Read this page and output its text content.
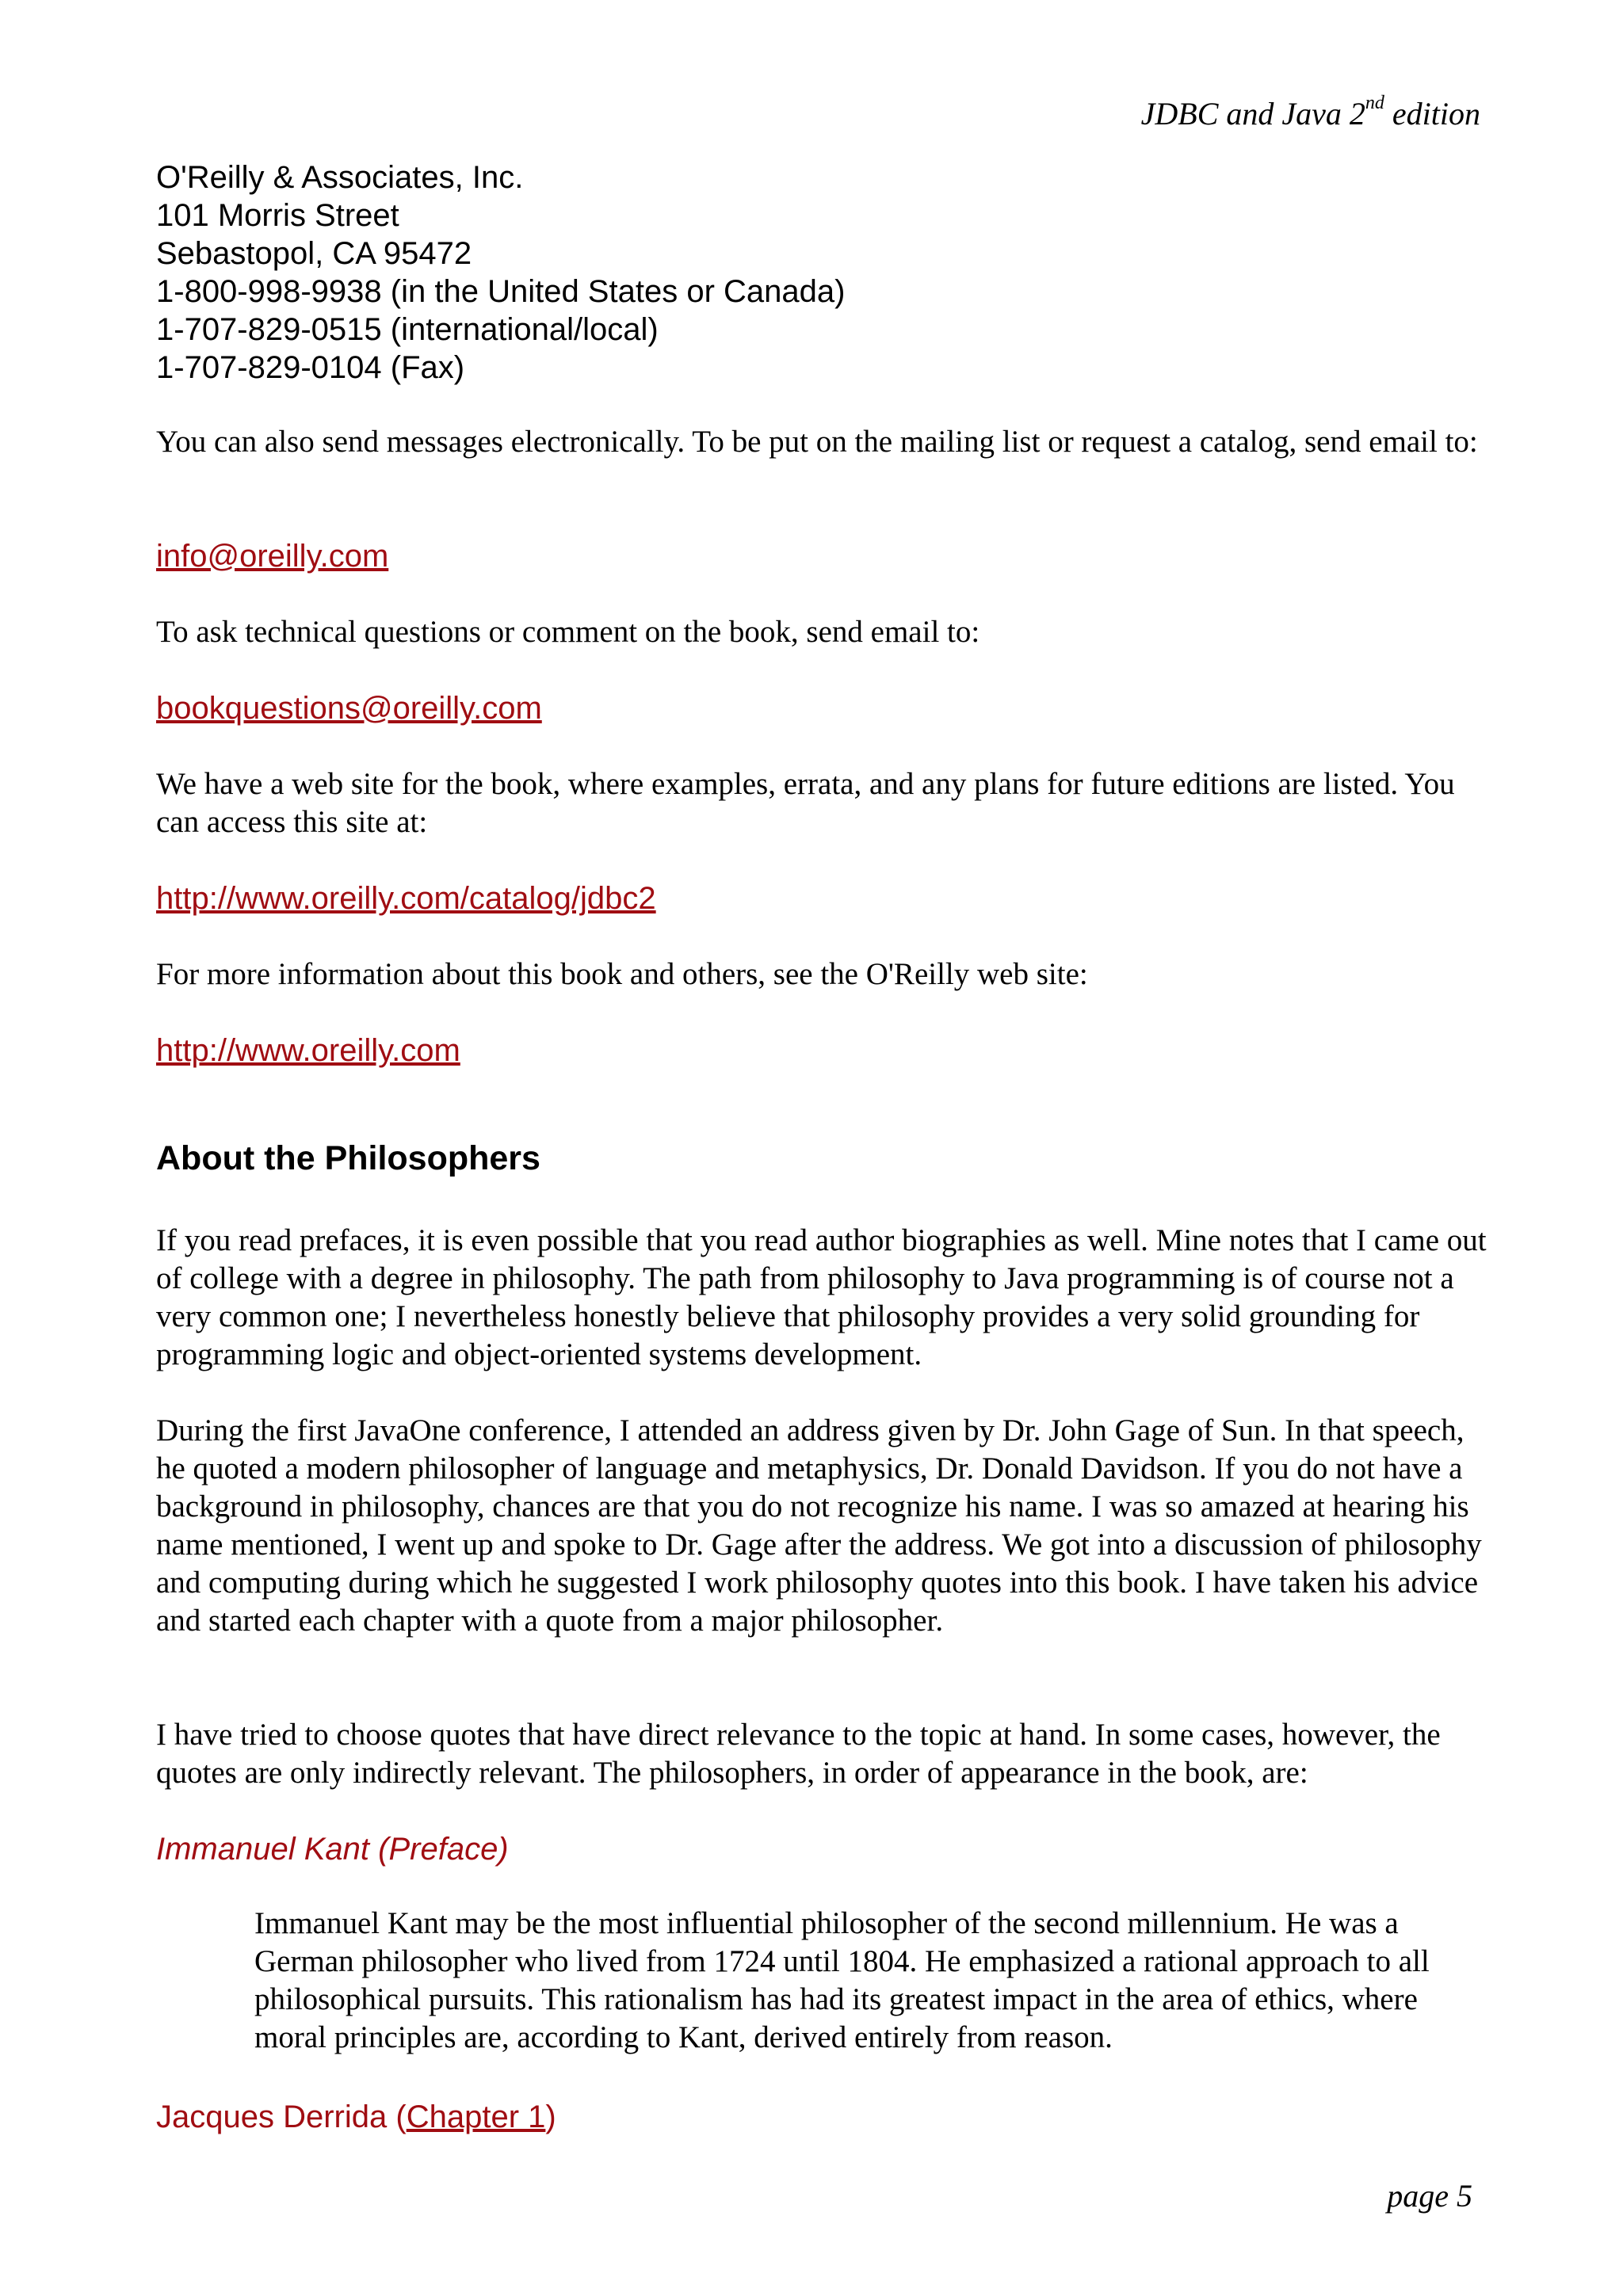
JDBC and Java 2nd edition
O'Reilly & Associates, Inc.
101 Morris Street
Sebastopol, CA 95472
1-800-998-9938 (in the United States or Canada)
1-707-829-0515 (international/local)
1-707-829-0104 (Fax)

You can also send messages electronically. To be put on the mailing list or request a catalog, send email to:

info@oreilly.com

To ask technical questions or comment on the book, send email to:

bookquestions@oreilly.com

We have a web site for the book, where examples, errata, and any plans for future editions are listed. You can access this site at:

http://www.oreilly.com/catalog/jdbc2

For more information about this book and others, see the O'Reilly web site:

http://www.oreilly.com
About the Philosophers

If you read prefaces, it is even possible that you read author biographies as well. Mine notes that I came out of college with a degree in philosophy. The path from philosophy to Java programming is of course not a very common one; I nevertheless honestly believe that philosophy provides a very solid grounding for programming logic and object-oriented systems development.

During the first JavaOne conference, I attended an address given by Dr. John Gage of Sun. In that speech, he quoted a modern philosopher of language and metaphysics, Dr. Donald Davidson. If you do not have a background in philosophy, chances are that you do not recognize his name. I was so amazed at hearing his name mentioned, I went up and spoke to Dr. Gage after the address. We got into a discussion of philosophy and computing during which he suggested I work philosophy quotes into this book. I have taken his advice and started each chapter with a quote from a major philosopher.

I have tried to choose quotes that have direct relevance to the topic at hand. In some cases, however, the quotes are only indirectly relevant. The philosophers, in order of appearance in the book, are:

Immanuel Kant (Preface)

Immanuel Kant may be the most influential philosopher of the second millennium. He was a German philosopher who lived from 1724 until 1804. He emphasized a rational approach to all philosophical pursuits. This rationalism has had its greatest impact in the area of ethics, where moral principles are, according to Kant, derived entirely from reason.

Jacques Derrida (Chapter 1)
page 5
